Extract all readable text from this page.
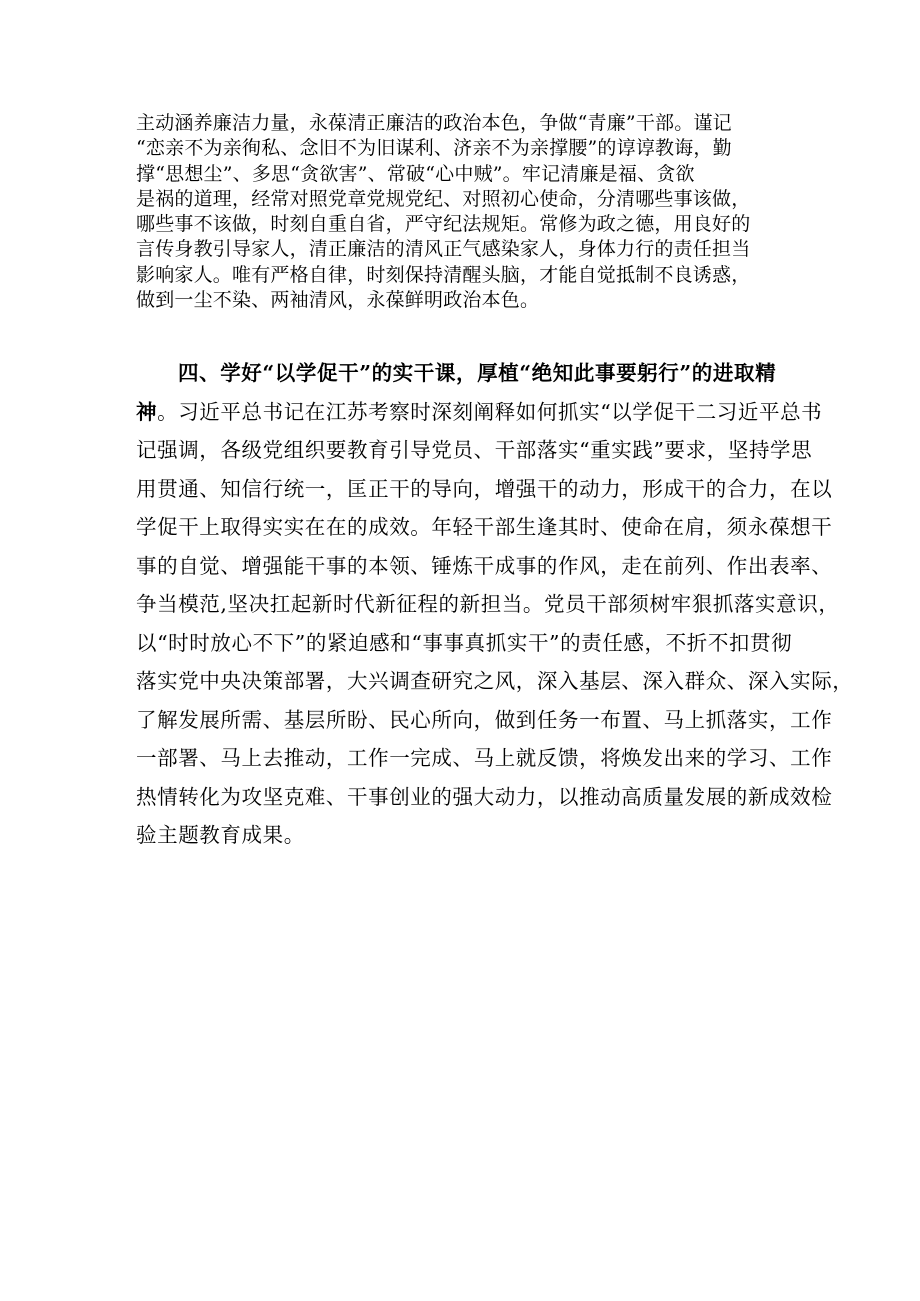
主动涵养廉洁力量，永葆清正廉洁的政治本色，争做“青廉”干部。谨记
“恋亲不为亲徇私、念旧不为旧谋利、济亲不为亲撑腰”的谆谆教诲，勤
撑“思想尘”、多思“贪欲害”、常破“心中贼”。牢记清廉是福、贪欲
是祸的道理，经常对照党章党规党纪、对照初心使命，分清哪些事该做，
哪些事不该做，时刻自重自省，严守纪法规矩。常修为政之德，用良好的
言传身教引导家人，清正廉洁的清风正气感染家人，身体力行的责任担当
影响家人。唯有严格自律，时刻保持清醒头脑，才能自觉抵制不良诱惑，
做到一尘不染、两袖清风，永葆鲜明政治本色。
四、学好“以学促干”的实干课，厚植“绝知此事要躬行”的进取精
神。习近平总书记在江苏考察时深刻阐释如何抓实“以学促干二习近平总书
记强调，各级党组织要教育引导党员、干部落实“重实践”要求，坚持学思
用贯通、知信行统一，匡正干的导向，增强干的动力，形成干的合力，在以
学促干上取得实实在在的成效。年轻干部生逢其时、使命在肩，须永葆想干
事的自觉、增强能干事的本领、锤炼干成事的作风，走在前列、作出表率、
争当模范,坚决扛起新时代新征程的新担当。党员干部须树牢狠抓落实意识，
以“时时放心不下”的紧迫感和“事事真抓实干”的责任感，不折不扣贯彻
落实党中央决策部署，大兴调查研究之风，深入基层、深入群众、深入实际，
了解发展所需、基层所盼、民心所向，做到任务一布置、马上抓落实，工作
一部署、马上去推动，工作一完成、马上就反馈，将焕发出来的学习、工作
热情转化为攻坚克难、干事创业的强大动力，以推动高质量发展的新成效检
验主题教育成果。
